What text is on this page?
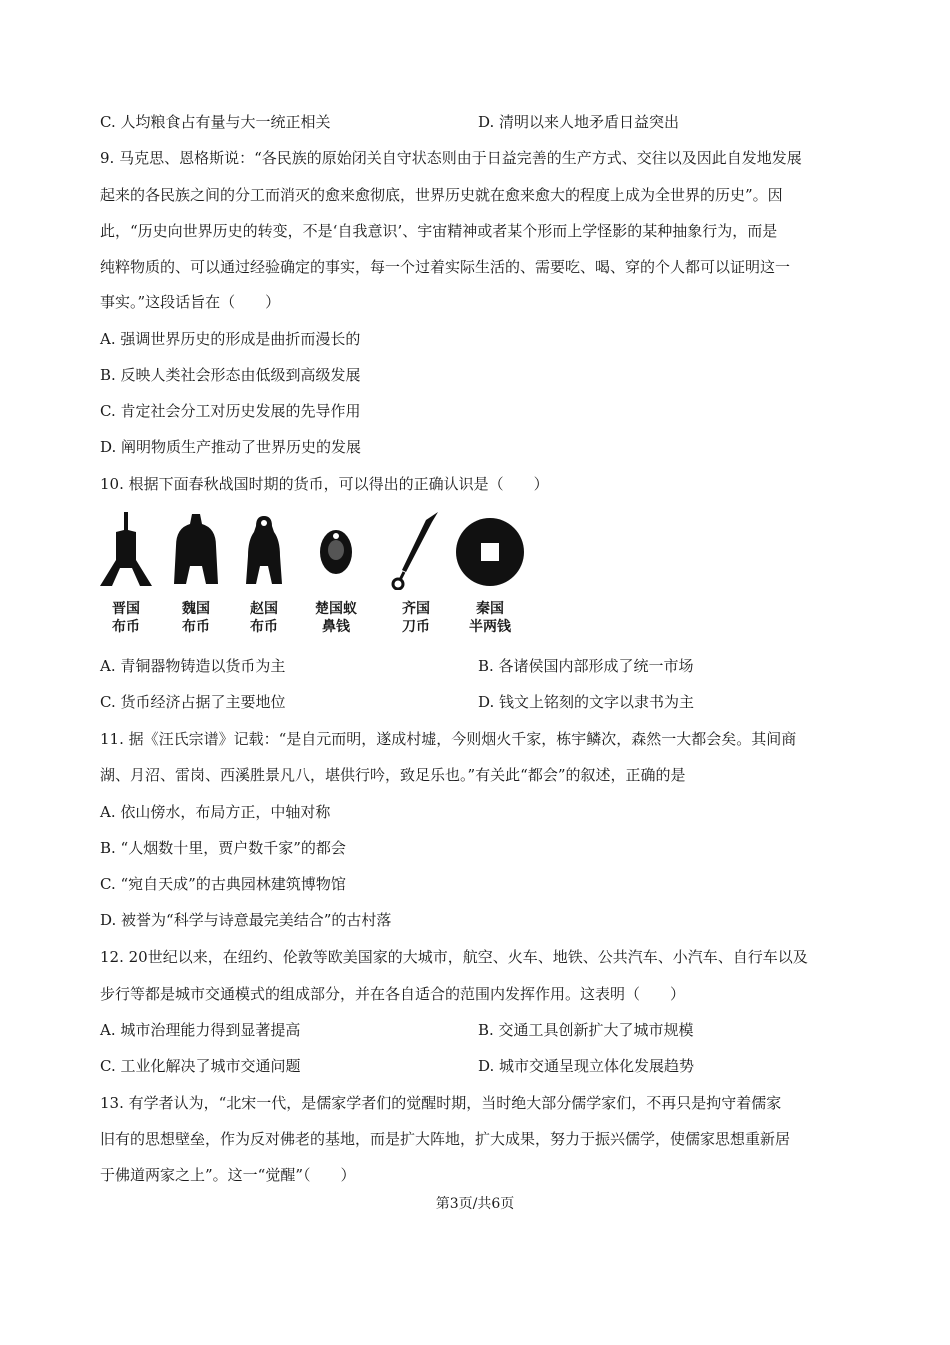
C. 人均粮食占有量与大一统正相关
9. 马克思、恩格斯说：“各民族的原始闭关自守状态则由于日益完善的生产方式、交往以及因此自发地发展
起来的各民族之间的分工而消灭的愈来愈彻底，世界历史就在愈来愈大的程度上成为全世界的历史”。因
此，“历史向世界历史的转变，不是‘自我意识’、宇宙精神或者某个形而上学怪影的某种抽象行为，而是
纯粹物质的、可以通过经验确定的事实，每一个过着实际生活的、需要吃、喝、穿的个人都可以证明这一
事实。”这段话旨在（　　）
A. 强调世界历史的形成是曲折而漫长的
B. 反映人类社会形态由低级到高级发展
C. 肯定社会分工对历史发展的先导作用
D. 阐明物质生产推动了世界历史的发展
10. 根据下面春秋战国时期的货币，可以得出的正确认识是（　　）
A. 青铜器物铸造以货币为主
C. 货币经济占据了主要地位
11. 据《汪氏宗谱》记载：“是自元而明，遂成村墟，今则烟火千家，栋宇鳞次，森然一大都会矣。其间商
湖、月沼、雷岗、西溪胜景凡八，堪供行吟，致足乐也。”有关此“都会”的叙述，正确的是
A. 依山傍水，布局方正，中轴对称
B. “人烟数十里，贾户数千家”的都会
C. “宛自天成”的古典园林建筑博物馆
D. 被誉为“科学与诗意最完美结合”的古村落
12. 20世纪以来，在纽约、伦敦等欧美国家的大城市，航空、火车、地铁、公共汽车、小汽车、自行车以及
步行等都是城市交通模式的组成部分，并在各自适合的范围内发挥作用。这表明（　　）
A. 城市治理能力得到显著提高
C. 工业化解决了城市交通问题
13. 有学者认为，“北宋一代，是儒家学者们的觉醒时期，当时绝大部分儒学家们，不再只是拘守着儒家
旧有的思想壁垒，作为反对佛老的基地，而是扩大阵地，扩大成果，努力于振兴儒学，使儒家思想重新居
于佛道两家之上”。这一“觉醒”（　　）
D. 清明以来人地矛盾日益突出
B. 各诸侯国内部形成了统一市场
D. 钱文上铭刻的文字以隶书为主
B. 交通工具创新扩大了城市规模
D. 城市交通呈现立体化发展趋势
晋国
布币
魏国
布币
赵国
布币
楚国蚁
鼻钱
齐国
刀币
秦国
半两钱
第3页/共6页
